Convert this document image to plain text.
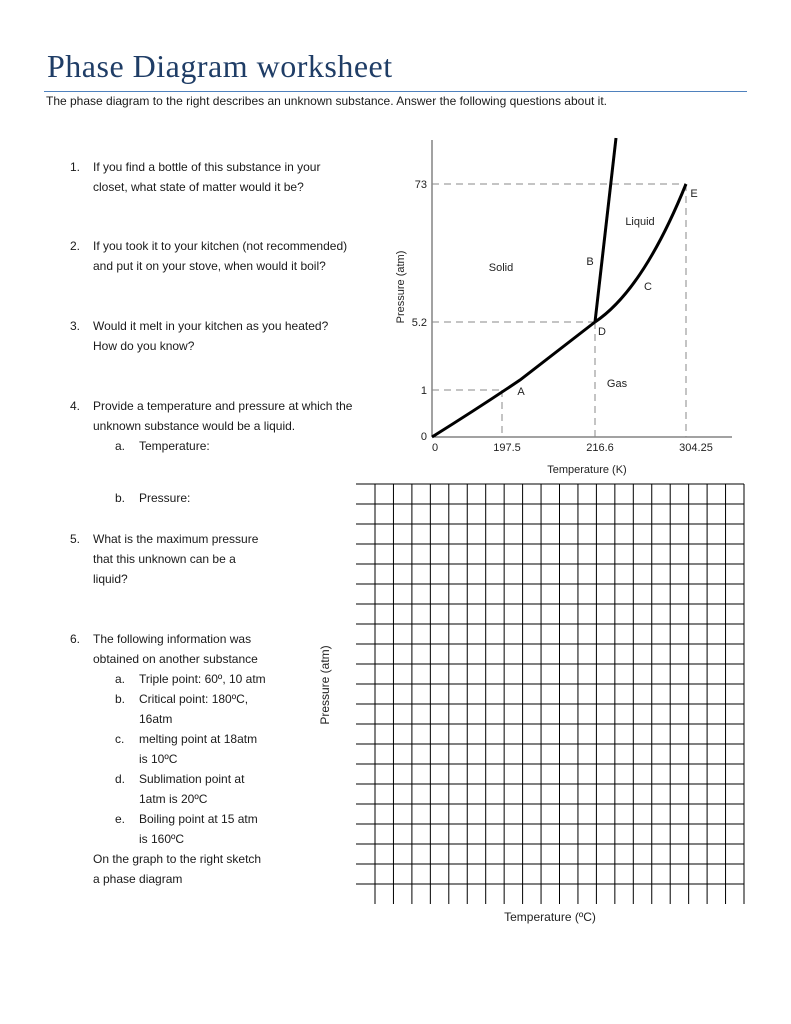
Phase Diagram worksheet
The phase diagram to the right describes an unknown substance. Answer the following questions about it.
1. If you find a bottle of this substance in your
closet, what state of matter would it be?
2. If you took it to your kitchen (not recommended)
and put it on your stove, when would it boil?
3. Would it melt in your kitchen as you heated?
How do you know?
4. Provide a temperature and pressure at which the
unknown substance would be a liquid.
a. Temperature:
b. Pressure:
5. What is the maximum pressure
that this unknown can be a
liquid?
6. The following information was
obtained on another substance
a. Triple point: 60º, 10 atm
b. Critical point: 180ºC,
16atm
c. melting point at 18atm
is 10ºC
d. Sublimation point at
1atm is 20ºC
e. Boiling point at 15 atm
is 160ºC
On the graph to the right sketch
a phase diagram
73
5.2
1
0
0	197.5	216.6	304.25
Temperature (K)
Pressure (atm)	Solid
Liquid
Gas
A
B
C
D
E
Temperature (ºC)
Pressure (atm)
